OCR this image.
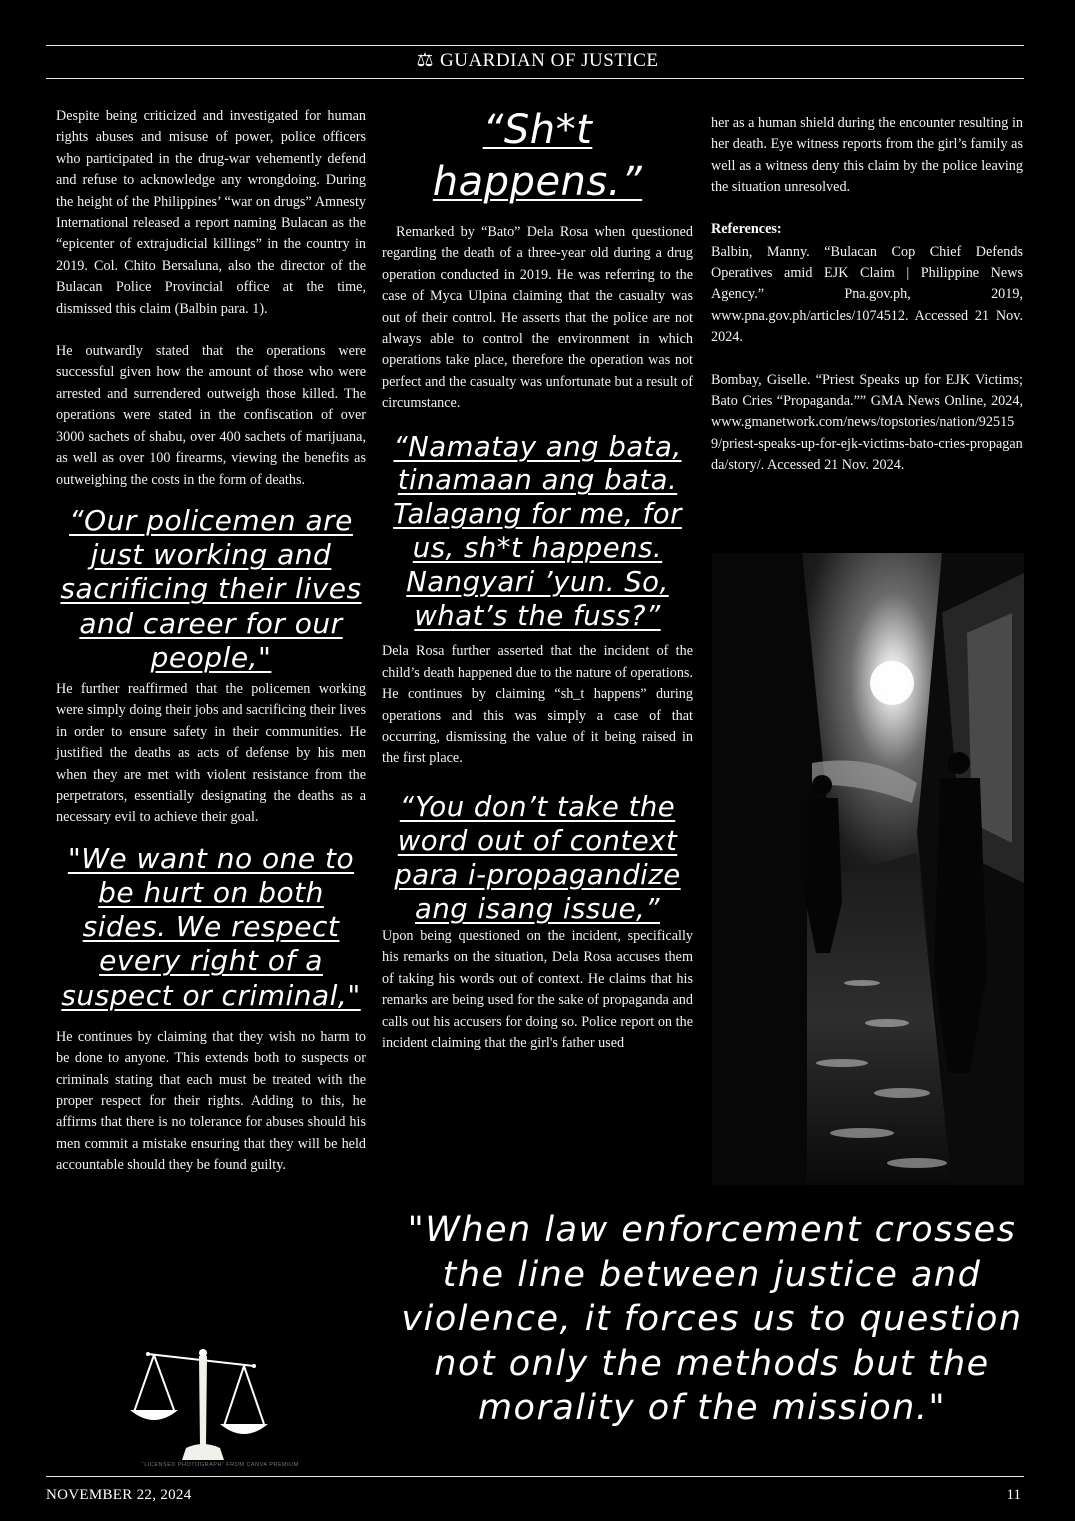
⚖ GUARDIAN OF JUSTICE

Despite being criticized and investigated for human rights abuses and misuse of power, police officers who participated in the drug-war vehemently defend and refuse to acknowledge any wrongdoing. During the height of the Philippines’ “war on drugs” Amnesty International released a report naming Bulacan as the “epicenter of extrajudicial killings” in the country in 2019. Col. Chito Bersaluna, also the director of the Bulacan Police Provincial office at the time, dismissed this claim (Balbin para. 1).

He outwardly stated that the operations were successful given how the amount of those who were arrested and surrendered outweigh those killed. The operations were stated in the confiscation of over 3000 sachets of shabu, over 400 sachets of marijuana, as well as over 100 firearms, viewing the benefits as outweighing the costs in the form of deaths.

“Our policemen are just working and sacrificing their lives and career for our people,"

He further reaffirmed that the policemen working were simply doing their jobs and sacrificing their lives in order to ensure safety in their communities. He justified the deaths as acts of defense by his men when they are met with violent resistance from the perpetrators, essentially designating the deaths as a necessary evil to achieve their goal.

"We want no one to be hurt on both sides. We respect every right of a suspect or criminal,"

He continues by claiming that they wish no harm to be done to anyone. This extends both to suspects or criminals stating that each must be treated with the proper respect for their rights. Adding to this, he affirms that there is no tolerance for abuses should his men commit a mistake ensuring that they will be held accountable should they be found guilty.

“Sh*t happens.”

Remarked by “Bato” Dela Rosa when questioned regarding the death of a three-year old during a drug operation conducted in 2019. He was referring to the case of Myca Ulpina claiming that the casualty was out of their control. He asserts that the police are not always able to control the environment in which operations take place, therefore the operation was not perfect and the casualty was unfortunate but a result of circumstance.

“Namatay ang bata, tinamaan ang bata. Talagang for me, for us, sh*t happens. Nangyari ’yun. So, what’s the fuss?”

Dela Rosa further asserted that the incident of the child’s death happened due to the nature of operations. He continues by claiming “sh_t happens” during operations and this was simply a case of that occurring, dismissing the value of it being raised in the first place.

“You don’t take the word out of context para i-propagandize ang isang issue,”

Upon being questioned on the incident, specifically his remarks on the situation, Dela Rosa accuses them of taking his words out of context. He claims that his remarks are being used for the sake of propaganda and calls out his accusers for doing so. Police report on the incident claiming that the girl's father used

her as a human shield during the encounter resulting in her death. Eye witness reports from the girl’s family as well as a witness deny this claim by the police leaving the situation unresolved.

References:

Balbin, Manny. “Bulacan Cop Chief Defends Operatives amid EJK Claim | Philippine News Agency.” Pna.gov.ph, 2019, www.pna.gov.ph/articles/1074512. Accessed 21 Nov. 2024.

Bombay, Giselle. “Priest Speaks up for EJK Victims; Bato Cries “Propaganda.”” GMA News Online, 2024, www.gmanetwork.com/news/topstories/nation/925159/priest-speaks-up-for-ejk-victims-bato-cries-propaganda/story/. Accessed 21 Nov. 2024.

"When law enforcement crosses the line between justice and violence, it forces us to question not only the methods but the morality of the mission."

“LICENSED PHOTOGRAPH” FROM CANVA PREMIUM
NOVEMBER 22, 2024	11
